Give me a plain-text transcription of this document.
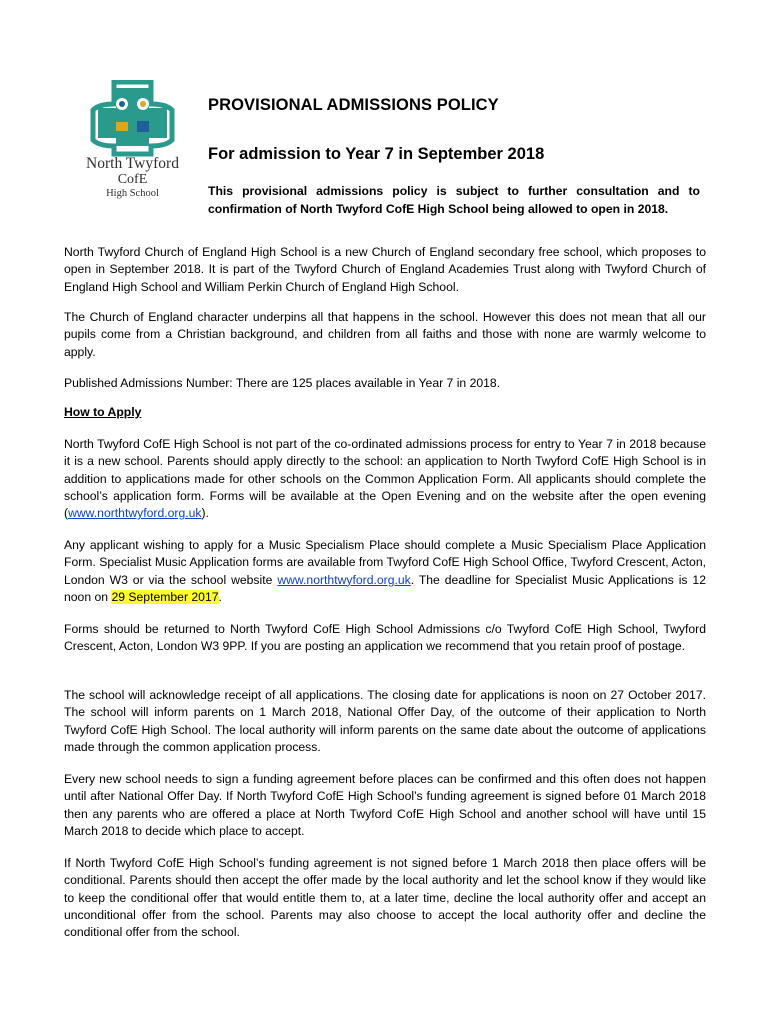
North Twyford
CofE
High School
PROVISIONAL ADMISSIONS POLICY
For admission to Year 7 in September 2018
This provisional admissions policy is subject to further consultation and to confirmation of North Twyford CofE High School being allowed to open in 2018.
North Twyford Church of England High School is a new Church of England secondary free school, which proposes to open in September 2018. It is part of the Twyford Church of England Academies Trust along with Twyford Church of England High School and William Perkin Church of England High School.
The Church of England character underpins all that happens in the school. However this does not mean that all our pupils come from a Christian background, and children from all faiths and those with none are warmly welcome to apply.
Published Admissions Number: There are 125 places available in Year 7 in 2018.
How to Apply
North Twyford CofE High School is not part of the co-ordinated admissions process for entry to Year 7 in 2018 because it is a new school. Parents should apply directly to the school: an application to North Twyford CofE High School is in addition to applications made for other schools on the Common Application Form. All applicants should complete the school’s application form. Forms will be available at the Open Evening and on the website after the open evening (www.northtwyford.org.uk).
Any applicant wishing to apply for a Music Specialism Place should complete a Music Specialism Place Application Form. Specialist Music Application forms are available from Twyford CofE High School Office, Twyford Crescent, Acton, London W3 or via the school website www.northtwyford.org.uk. The deadline for Specialist Music Applications is 12 noon on 29 September 2017.
Forms should be returned to North Twyford CofE High School Admissions c/o Twyford CofE High School, Twyford Crescent, Acton, London W3 9PP. If you are posting an application we recommend that you retain proof of postage.
The school will acknowledge receipt of all applications. The closing date for applications is noon on 27 October 2017. The school will inform parents on 1 March 2018, National Offer Day, of the outcome of their application to North Twyford CofE High School. The local authority will inform parents on the same date about the outcome of applications made through the common application process.
Every new school needs to sign a funding agreement before places can be confirmed and this often does not happen until after National Offer Day. If North Twyford CofE High School’s funding agreement is signed before 01 March 2018 then any parents who are offered a place at North Twyford CofE High School and another school will have until 15 March 2018 to decide which place to accept.
If North Twyford CofE High School’s funding agreement is not signed before 1 March 2018 then place offers will be conditional. Parents should then accept the offer made by the local authority and let the school know if they would like to keep the conditional offer that would entitle them to, at a later time, decline the local authority offer and accept an unconditional offer from the school. Parents may also choose to accept the local authority offer and decline the conditional offer from the school.
